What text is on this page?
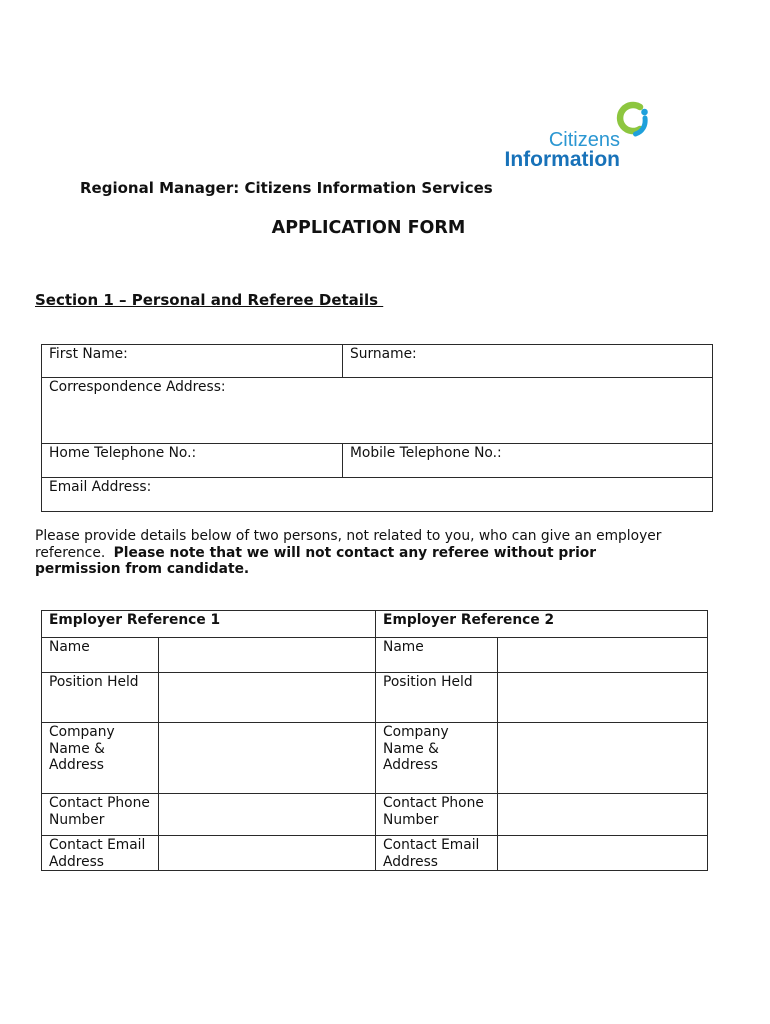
Citizens
Information
Regional Manager: Citizens Information Services
APPLICATION FORM
Section 1 – Personal and Referee Details
First Name:	Surname:
Correspondence Address:	
Home Telephone No.:	Mobile Telephone No.:
Email Address:	

Please provide details below of two persons, not related to you, who can give an employer reference. Please note that we will not contact any referee without prior permission from candidate.

Employer Reference 1		Employer Reference 2	

Name		Name	

Position Held		Position Held	

Company Name & Address		Company Name & Address	

Contact Phone Number		Contact Phone Number	

Contact Email Address		Contact Email Address	
